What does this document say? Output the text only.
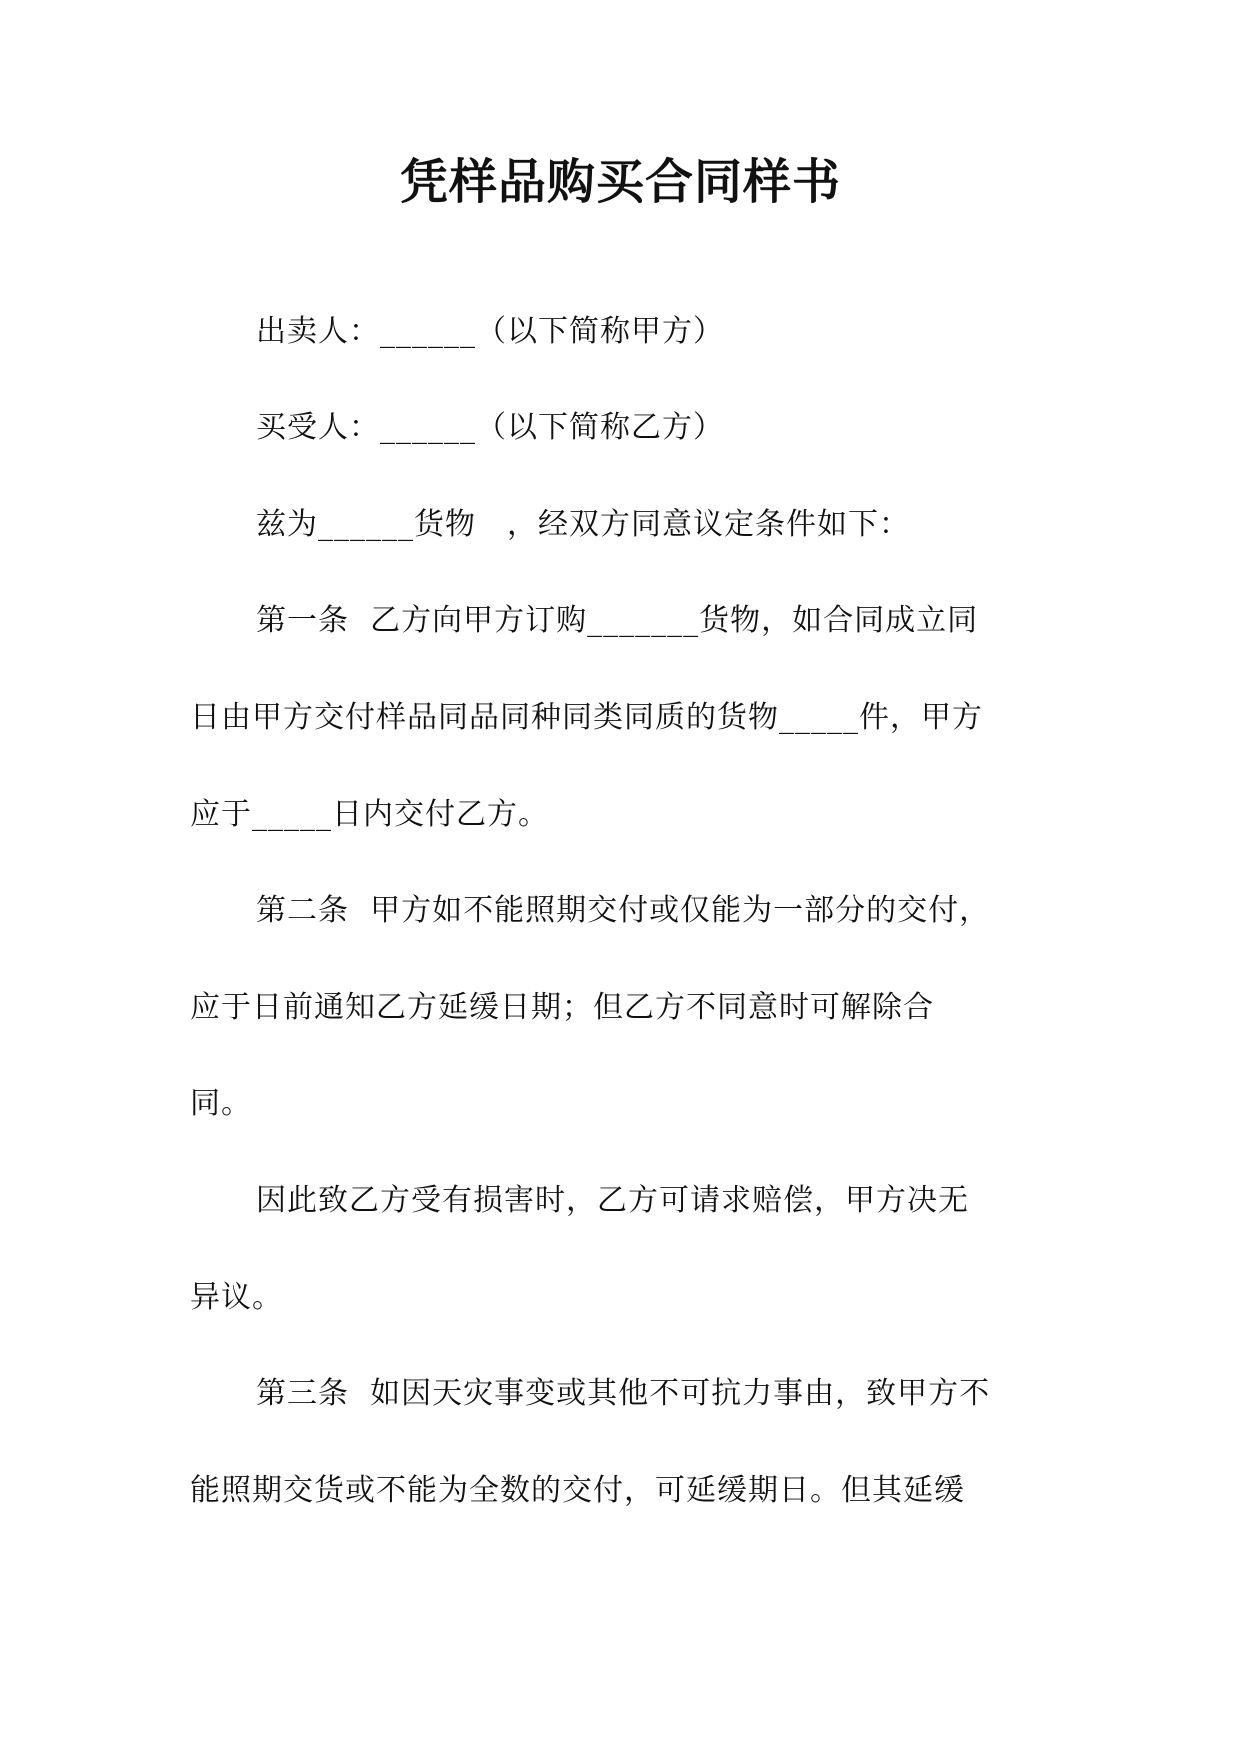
凭样品购买合同样书
出卖人：______（以下简称甲方）
买受人：______（以下简称乙方）
兹为______货物　，经双方同意议定条件如下：
第一条  乙方向甲方订购_______货物，如合同成立同
日由甲方交付样品同品同种同类同质的货物_____件，甲方
应于_____日内交付乙方。
第二条  甲方如不能照期交付或仅能为一部分的交付，
应于日前通知乙方延缓日期；但乙方不同意时可解除合
同。
因此致乙方受有损害时，乙方可请求赔偿，甲方决无
异议。
第三条  如因天灾事变或其他不可抗力事由，致甲方不
能照期交货或不能为全数的交付，可延缓期日。但其延缓
